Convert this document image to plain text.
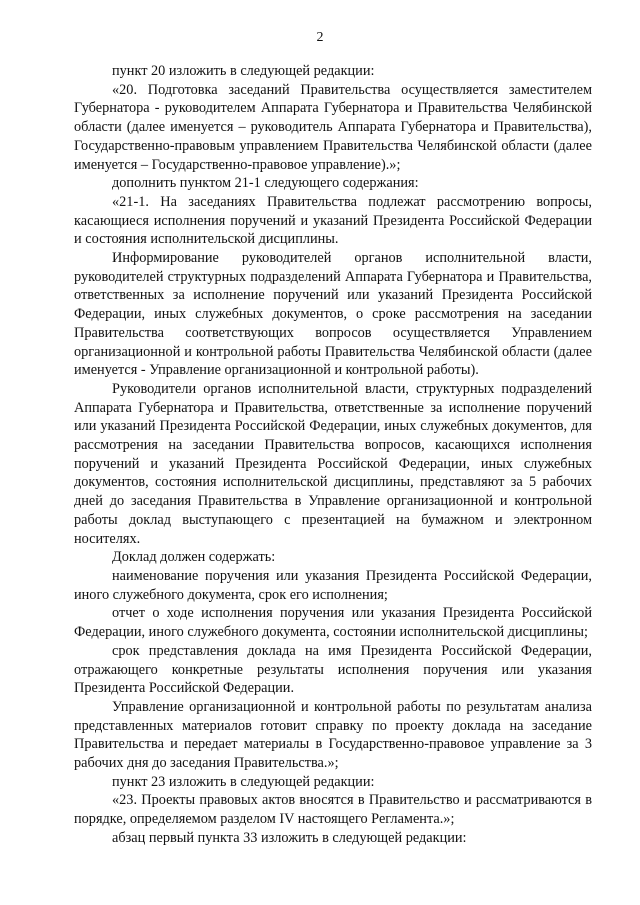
2

пункт 20 изложить в следующей редакции:

«20. Подготовка заседаний Правительства осуществляется заместителем Губернатора - руководителем Аппарата Губернатора и Правительства Челябинской области (далее именуется – руководитель Аппарата Губернатора и Правительства), Государственно-правовым управлением Правительства Челябинской области (далее именуется – Государственно-правовое управление).»;

дополнить пунктом 21-1 следующего содержания:

«21-1. На заседаниях Правительства подлежат рассмотрению вопросы, касающиеся исполнения поручений и указаний Президента Российской Федерации и состояния исполнительской дисциплины.

Информирование руководителей органов исполнительной власти, руководителей структурных подразделений Аппарата Губернатора и Правительства, ответственных за исполнение поручений или указаний Президента Российской Федерации, иных служебных документов, о сроке рассмотрения на заседании Правительства соответствующих вопросов осуществляется Управлением организационной и контрольной работы Правительства Челябинской области (далее именуется - Управление организационной и контрольной работы).

Руководители органов исполнительной власти, структурных подразделений Аппарата Губернатора и Правительства, ответственные за исполнение поручений или указаний Президента Российской Федерации, иных служебных документов, для рассмотрения на заседании Правительства вопросов, касающихся исполнения поручений и указаний Президента Российской Федерации, иных служебных документов, состояния исполнительской дисциплины, представляют за 5 рабочих дней до заседания Правительства в Управление организационной и контрольной работы доклад выступающего с презентацией на бумажном и электронном носителях.

Доклад должен содержать:

наименование поручения или указания Президента Российской Федерации, иного служебного документа, срок его исполнения;

отчет о ходе исполнения поручения или указания Президента Российской Федерации, иного служебного документа, состоянии исполнительской дисциплины;

срок представления доклада на имя Президента Российской Федерации, отражающего конкретные результаты исполнения поручения или указания Президента Российской Федерации.

Управление организационной и контрольной работы по результатам анализа представленных материалов готовит справку по проекту доклада на заседание Правительства и передает материалы в Государственно-правовое управление за 3 рабочих дня до заседания Правительства.»;

пункт 23 изложить в следующей редакции:

«23. Проекты правовых актов вносятся в Правительство и рассматриваются в порядке, определяемом разделом IV настоящего Регламента.»;

абзац первый пункта 33 изложить в следующей редакции:
